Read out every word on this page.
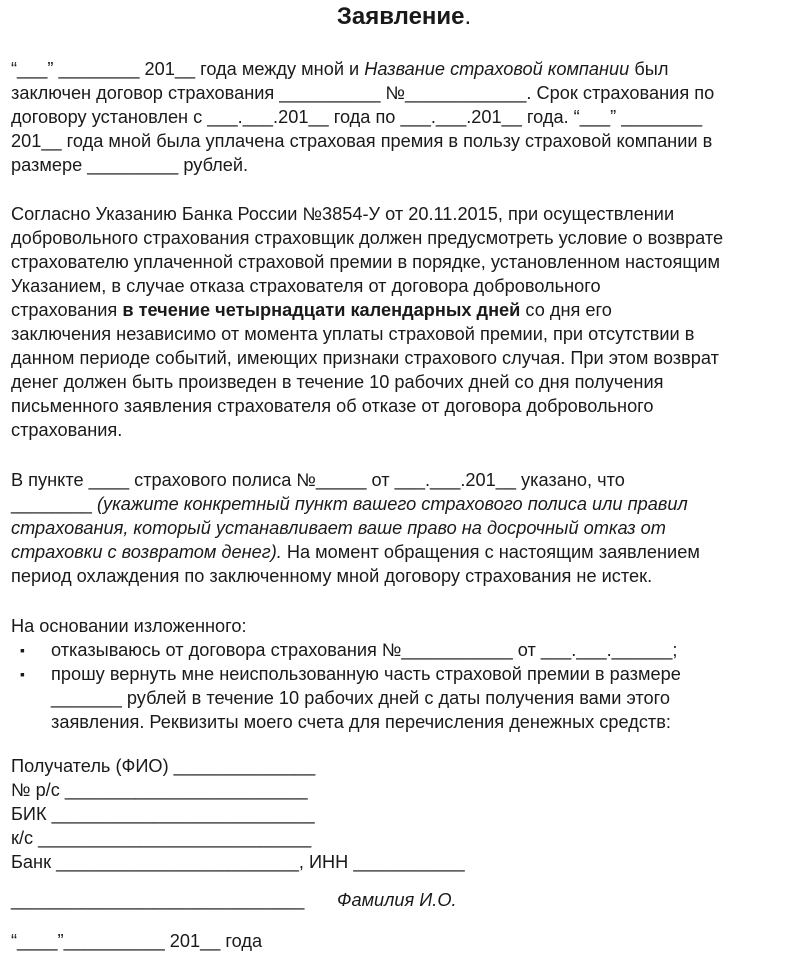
Заявление.
“___” ________ 201__ года между мной и Название страховой компании был
заключен договор страхования __________ №____________. Срок страхования по
договору установлен с ___.___.201__ года по ___.___.201__ года. “___” ________
201__ года мной была уплачена страховая премия в пользу страховой компании в
размере _________ рублей.
Согласно Указанию Банка России №3854-У от 20.11.2015, при осуществлении
добровольного страхования страховщик должен предусмотреть условие о возврате
страхователю уплаченной страховой премии в порядке, установленном настоящим
Указанием, в случае отказа страхователя от договора добровольного
страхования в течение четырнадцати календарных дней со дня его
заключения независимо от момента уплаты страховой премии, при отсутствии в
данном периоде событий, имеющих признаки страхового случая. При этом возврат
денег должен быть произведен в течение 10 рабочих дней со дня получения
письменного заявления страхователя об отказе от договора добровольного
страхования.
В пункте ____ страхового полиса №_____ от ___.___.201__ указано, что
________ (укажите конкретный пункт вашего страхового полиса или правил
страхования, который устанавливает ваше право на досрочный отказ от
страховки с возвратом денег). На момент обращения с настоящим заявлением
период охлаждения по заключенному мной договору страхования не истек.
На основании изложенного:
▪ отказываюсь от договора страхования №___________ от ___.___.______;
▪ прошу вернуть мне неиспользованную часть страховой премии в размере
_______ рублей в течение 10 рабочих дней с даты получения вами этого
заявления. Реквизиты моего счета для перечисления денежных средств:
Получатель (ФИО) ______________
№ р/с ________________________
БИК __________________________
к/с ___________________________
Банк ________________________, ИНН ___________
_____________________________ Фамилия И.О.
“____”__________ 201__ года
